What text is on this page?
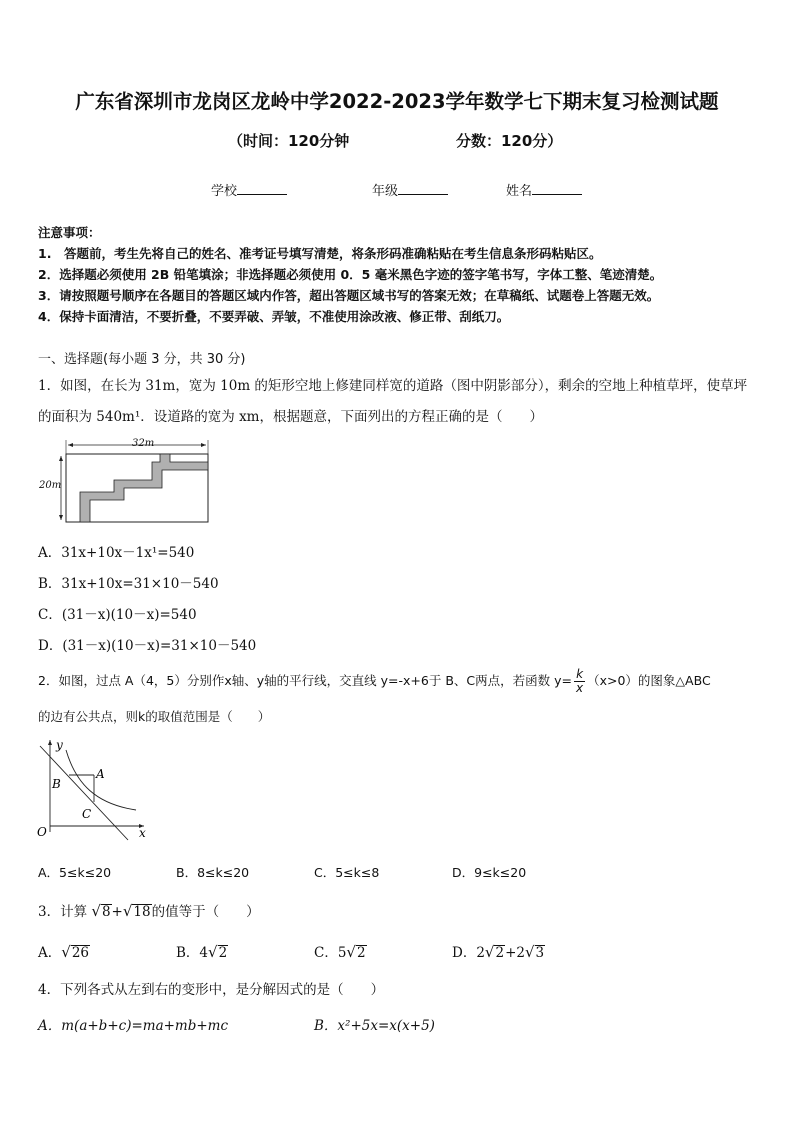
广东省深圳市龙岗区龙岭中学2022-2023学年数学七下期末复习检测试题
（时间：120分钟	分数：120分）
学校	年级	姓名
注意事项：
1.　答题前，考生先将自己的姓名、准考证号填写清楚，将条形码准确粘贴在考生信息条形码粘贴区。
2．选择题必须使用 2B 铅笔填涂；非选择题必须使用 0．5 毫米黑色字迹的签字笔书写，字体工整、笔迹清楚。
3．请按照题号顺序在各题目的答题区域内作答，超出答题区域书写的答案无效；在草稿纸、试题卷上答题无效。
4．保持卡面清洁，不要折叠，不要弄破、弄皱，不准使用涂改液、修正带、刮纸刀。
一、选择题(每小题 3 分，共 30 分)
1．如图，在长为 31m，宽为 10m 的矩形空地上修建同样宽的道路（图中阴影部分），剩余的空地上种植草坪，使草坪
的面积为 540m¹．设道路的宽为 xm，根据题意，下面列出的方程正确的是（　　）
32m
20m
A．31x+10x－1x¹=540
B．31x+10x=31×10－540
C．(31－x)(10－x)=540
D．(31－x)(10－x)=31×10－540
2．如图，过点 A（4，5）分别作x轴、y轴的平行线，交直线 y=-x+6于 B、C两点，若函数 $y= \frac{k}{x} (x>0)$的图象△ABC
的边有公共点，则k的取值范围是（　　）
y
x
O
A
B
C
A．5≤k≤20	B．8≤k≤20	C．5≤k≤8	D．9≤k≤20
3．计算 √8+√18的值等于（　　）
A．√26	B．4√2	C．5√2	D．2√2+2√3
4．下列各式从左到右的变形中，是分解因式的是（　　）
A．m(a+b+c)=ma+mb+mc	B．x²+5x=x(x+5)
